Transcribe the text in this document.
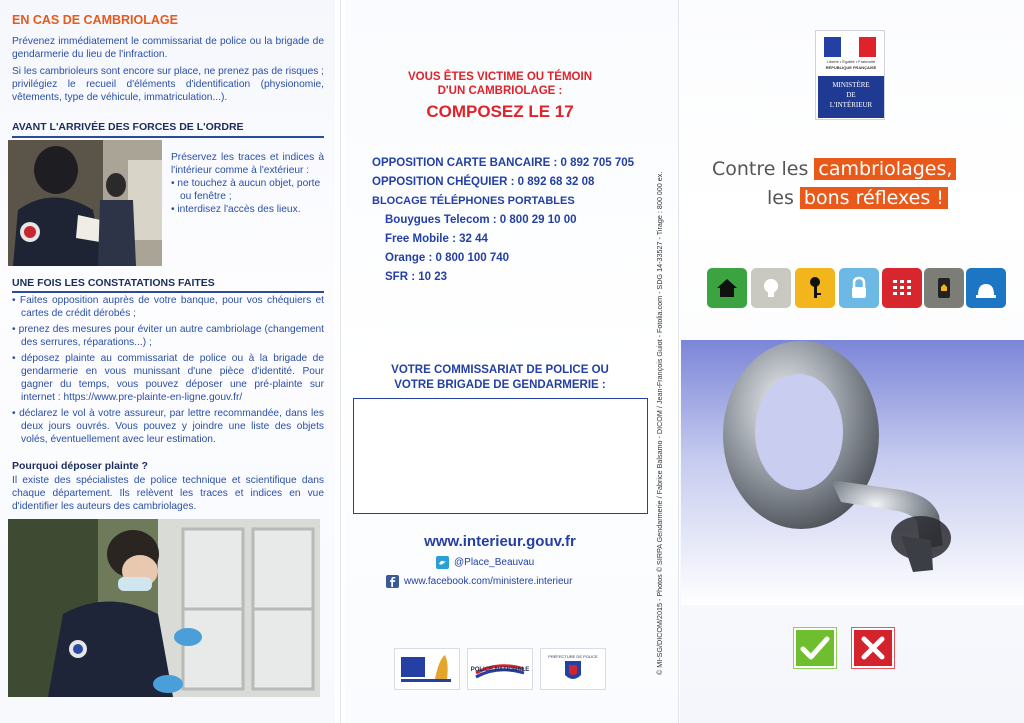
EN CAS DE CAMBRIOLAGE

Prévenez immédiatement le commissariat de police ou la brigade de gendarmerie du lieu de l'infraction.

Si les cambrioleurs sont encore sur place, ne prenez pas de risques ; privilégiez le recueil d'éléments d'identification (physionomie, vêtements, type de véhicule, immatriculation...).

AVANT L'ARRIVÉE DES FORCES DE L'ORDRE

Préservez les traces et indices à l'intérieur comme à l'extérieur :

• ne touchez à aucun objet, porte ou fenêtre ;
• interdisez l'accès des lieux.
UNE FOIS LES CONSTATATIONS FAITES
• Faites opposition auprès de votre banque, pour vos chéquiers et cartes de crédit dérobés ;
• prenez des mesures pour éviter un autre cambriolage (changement des serrures, réparations...) ;
• déposez plainte au commissariat de police ou à la brigade de gendarmerie en vous munissant d'une pièce d'identité. Pour gagner du temps, vous pouvez déposer une pré-plainte sur internet : https://www.pre-plainte-en-ligne.gouv.fr/
• déclarez le vol à votre assureur, par lettre recommandée, dans les deux jours ouvrés. Vous pouvez y joindre une liste des objets volés, éventuellement avec leur estimation.
Pourquoi déposer plainte ?

Il existe des spécialistes de police technique et scientifique dans chaque département. Ils relèvent les traces et indices en vue d'identifier les auteurs des cambriolages.

VOUS ÊTES VICTIME OU TÉMOIN
D'UN CAMBRIOLAGE :
COMPOSEZ LE 17
OPPOSITION CARTE BANCAIRE : 0 892 705 705
OPPOSITION CHÉQUIER : 0 892 68 32 08
BLOCAGE TÉLÉPHONES PORTABLES
Bouygues Telecom : 0 800 29 10 00
Free Mobile : 32 44
Orange : 0 800 100 740
SFR : 10 23
VOTRE COMMISSARIAT DE POLICE OU
VOTRE BRIGADE DE GENDARMERIE :
www.interieur.gouv.fr
@Place_Beauvau
www.facebook.com/ministere.interieur
POLICE NATIONALE
PRÉFECTURE DE POLICE	© MI-SG/DICOM/2015 - Photos © SIRPA Gendarmerie / Fabrice Balsamo - DICOM / Jean-François Guiot - Fotolia.com - SDG 14-33527 - Tirage : 800 000 ex.
Liberté • Égalité • Fraternité
RÉPUBLIQUE FRANÇAISE
MINISTÈRE
DE
L'INTÉRIEUR
Contre les cambriolages,
les bons réflexes !
